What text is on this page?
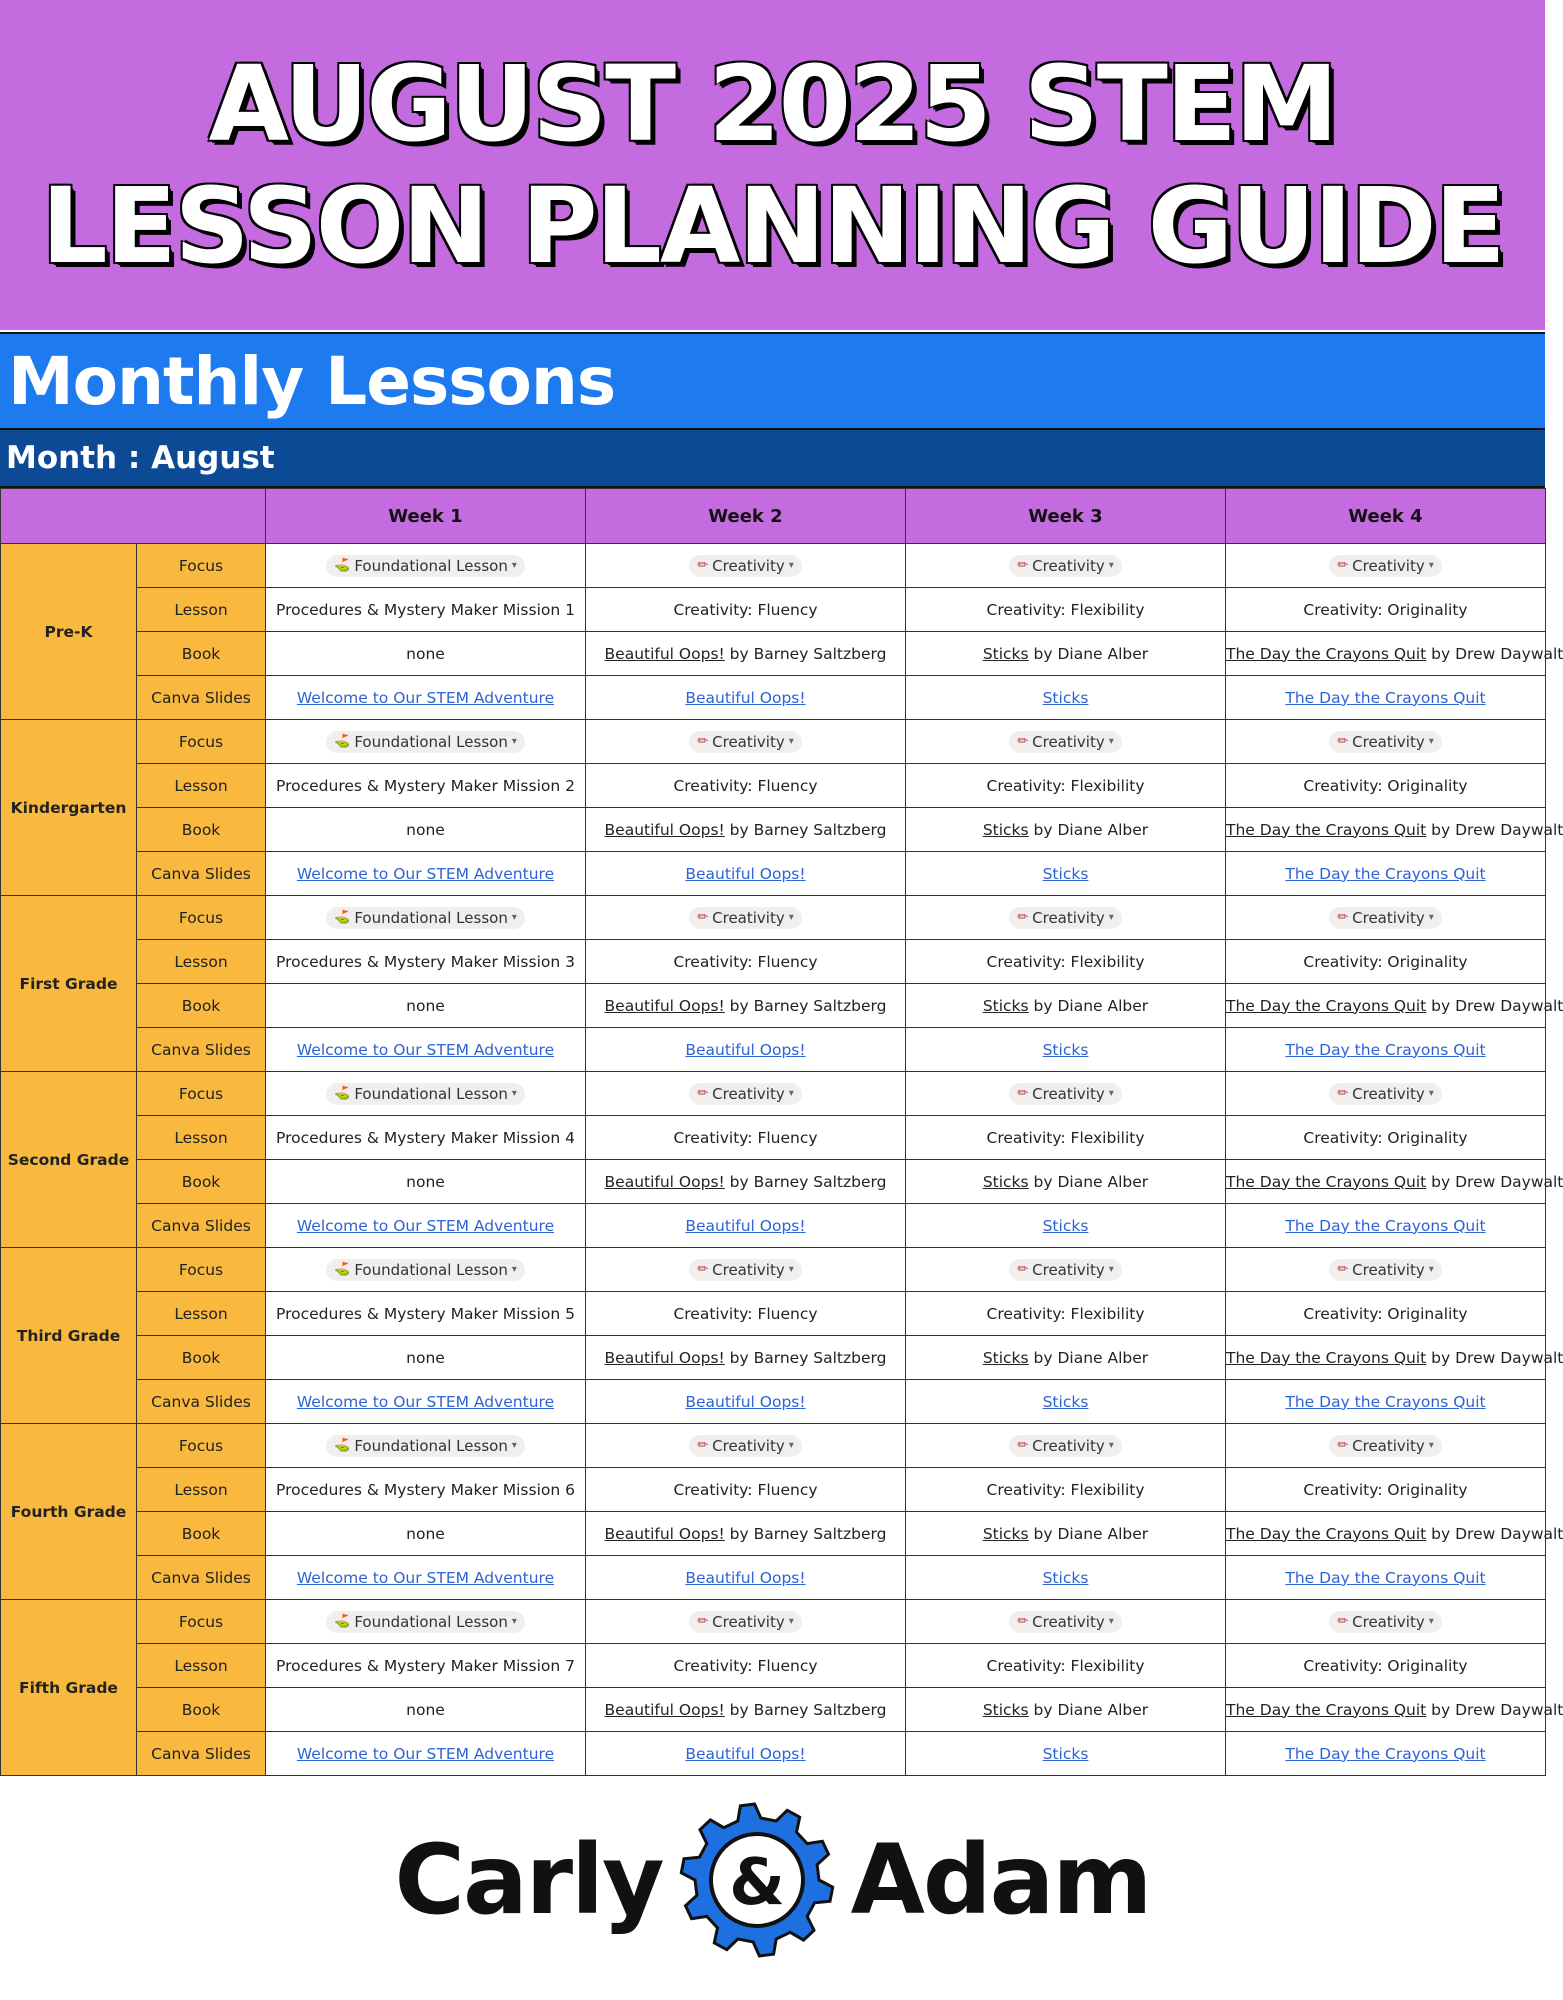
AUGUST 2025 STEM
LESSON PLANNING GUIDE
Monthly Lessons
Month : August
		Week 1	Week 2	Week 3	Week 4
Pre-K	Focus	⛳ Foundational Lesson ▾	✏ Creativity ▾	✏ Creativity ▾	✏ Creativity ▾

	Lesson	Procedures & Mystery Maker Mission 1	Creativity: Fluency	Creativity: Flexibility	Creativity: Originality
	Book	none	Beautiful Oops! by Barney Saltzberg	Sticks by Diane Alber	The Day the Crayons Quit by Drew Daywalt
	Canva Slides	Welcome to Our STEM Adventure	Beautiful Oops!	Sticks	The Day the Crayons Quit
Kindergarten	Focus	⛳ Foundational Lesson ▾	✏ Creativity ▾	✏ Creativity ▾	✏ Creativity ▾

	Lesson	Procedures & Mystery Maker Mission 2	Creativity: Fluency	Creativity: Flexibility	Creativity: Originality
	Book	none	Beautiful Oops! by Barney Saltzberg	Sticks by Diane Alber	The Day the Crayons Quit by Drew Daywalt
	Canva Slides	Welcome to Our STEM Adventure	Beautiful Oops!	Sticks	The Day the Crayons Quit
First Grade	Focus	⛳ Foundational Lesson ▾	✏ Creativity ▾	✏ Creativity ▾	✏ Creativity ▾

	Lesson	Procedures & Mystery Maker Mission 3	Creativity: Fluency	Creativity: Flexibility	Creativity: Originality
	Book	none	Beautiful Oops! by Barney Saltzberg	Sticks by Diane Alber	The Day the Crayons Quit by Drew Daywalt
	Canva Slides	Welcome to Our STEM Adventure	Beautiful Oops!	Sticks	The Day the Crayons Quit
Second Grade	Focus	⛳ Foundational Lesson ▾	✏ Creativity ▾	✏ Creativity ▾	✏ Creativity ▾

	Lesson	Procedures & Mystery Maker Mission 4	Creativity: Fluency	Creativity: Flexibility	Creativity: Originality
	Book	none	Beautiful Oops! by Barney Saltzberg	Sticks by Diane Alber	The Day the Crayons Quit by Drew Daywalt
	Canva Slides	Welcome to Our STEM Adventure	Beautiful Oops!	Sticks	The Day the Crayons Quit
Third Grade	Focus	⛳ Foundational Lesson ▾	✏ Creativity ▾	✏ Creativity ▾	✏ Creativity ▾

	Lesson	Procedures & Mystery Maker Mission 5	Creativity: Fluency	Creativity: Flexibility	Creativity: Originality
	Book	none	Beautiful Oops! by Barney Saltzberg	Sticks by Diane Alber	The Day the Crayons Quit by Drew Daywalt
	Canva Slides	Welcome to Our STEM Adventure	Beautiful Oops!	Sticks	The Day the Crayons Quit
Fourth Grade	Focus	⛳ Foundational Lesson ▾	✏ Creativity ▾	✏ Creativity ▾	✏ Creativity ▾

	Lesson	Procedures & Mystery Maker Mission 6	Creativity: Fluency	Creativity: Flexibility	Creativity: Originality
	Book	none	Beautiful Oops! by Barney Saltzberg	Sticks by Diane Alber	The Day the Crayons Quit by Drew Daywalt
	Canva Slides	Welcome to Our STEM Adventure	Beautiful Oops!	Sticks	The Day the Crayons Quit
Fifth Grade	Focus	⛳ Foundational Lesson ▾	✏ Creativity ▾	✏ Creativity ▾	✏ Creativity ▾

	Lesson	Procedures & Mystery Maker Mission 7	Creativity: Fluency	Creativity: Flexibility	Creativity: Originality
	Book	none	Beautiful Oops! by Barney Saltzberg	Sticks by Diane Alber	The Day the Crayons Quit by Drew Daywalt
	Canva Slides	Welcome to Our STEM Adventure	Beautiful Oops!	Sticks	The Day the Crayons Quit
Carly & Adam
